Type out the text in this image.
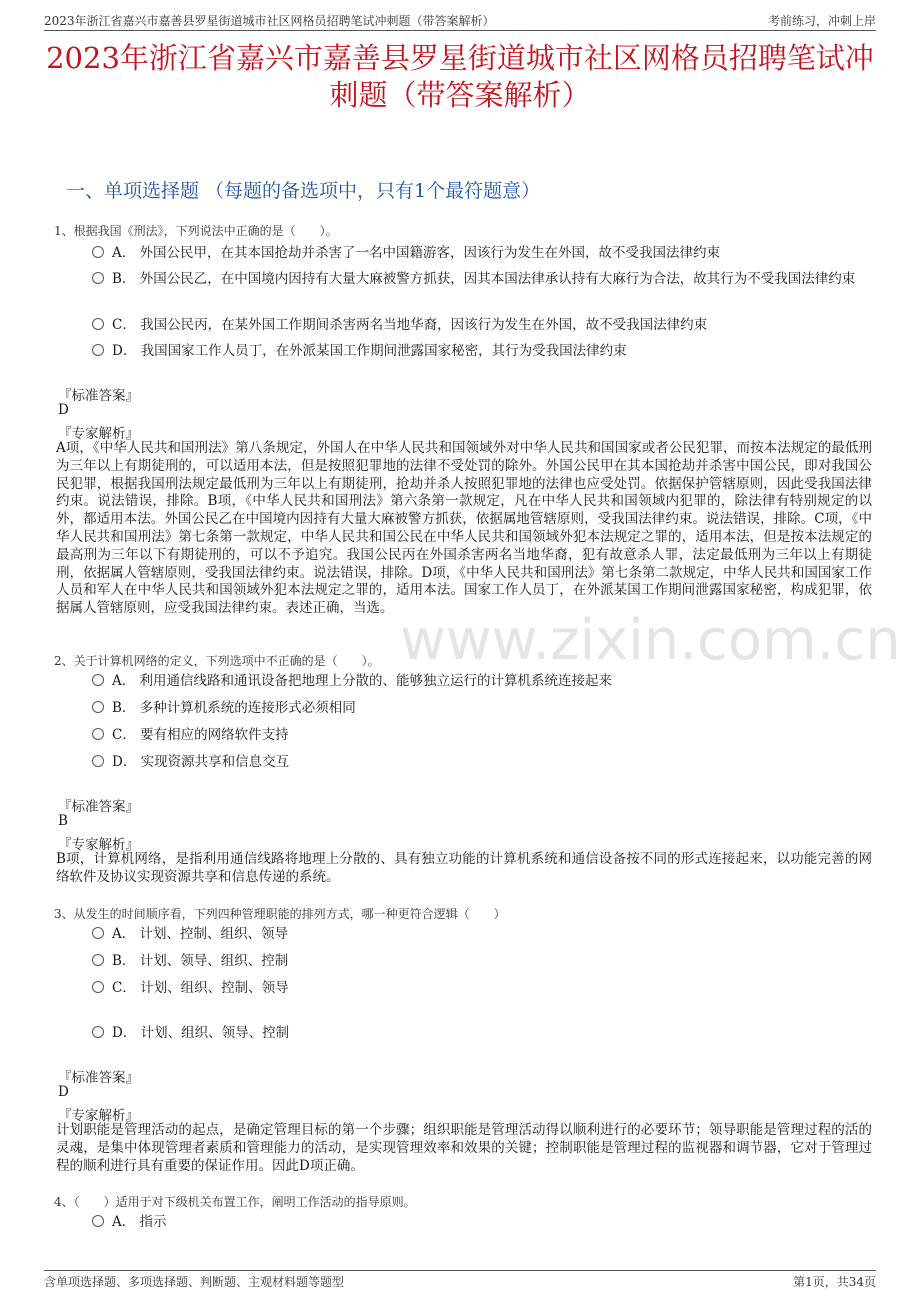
2023年浙江省嘉兴市嘉善县罗星街道城市社区网格员招聘笔试冲刺题（带答案解析）	考前练习，冲刺上岸
2023年浙江省嘉兴市嘉善县罗星街道城市社区网格员招聘笔试冲刺题（带答案解析）
一、单项选择题 （每题的备选项中，只有1个最符题意）
1、根据我国《刑法》，下列说法中正确的是（　　）。
A． 外国公民甲，在其本国抢劫并杀害了一名中国籍游客，因该行为发生在外国，故不受我国法律约束
B． 外国公民乙，在中国境内因持有大量大麻被警方抓获，因其本国法律承认持有大麻行为合法，故其行为不受我国法律约束
C． 我国公民丙，在某外国工作期间杀害两名当地华裔，因该行为发生在外国，故不受我国法律约束
D． 我国国家工作人员丁，在外派某国工作期间泄露国家秘密，其行为受我国法律约束
『标准答案』
D
『专家解析』
A项，《中华人民共和国刑法》第八条规定，外国人在中华人民共和国领域外对中华人民共和国国家或者公民犯罪，而按本法规定的最低刑为三年以上有期徒刑的，可以适用本法，但是按照犯罪地的法律不受处罚的除外。外国公民甲在其本国抢劫并杀害中国公民，即对我国公民犯罪，根据我国刑法规定最低刑为三年以上有期徒刑，抢劫并杀人按照犯罪地的法律也应受处罚。依据保护管辖原则，因此受我国法律约束。说法错误，排除。B项，《中华人民共和国刑法》第六条第一款规定，凡在中华人民共和国领域内犯罪的，除法律有特别规定的以外，都适用本法。外国公民乙在中国境内因持有大量大麻被警方抓获，依据属地管辖原则，受我国法律约束。说法错误，排除。C项，《中华人民共和国刑法》第七条第一款规定，中华人民共和国公民在中华人民共和国领域外犯本法规定之罪的，适用本法，但是按本法规定的最高刑为三年以下有期徒刑的，可以不予追究。我国公民丙在外国杀害两名当地华裔，犯有故意杀人罪，法定最低刑为三年以上有期徒刑，依据属人管辖原则，受我国法律约束。说法错误，排除。D项，《中华人民共和国刑法》第七条第二款规定，中华人民共和国国家工作人员和军人在中华人民共和国领域外犯本法规定之罪的，适用本法。国家工作人员丁，在外派某国工作期间泄露国家秘密，构成犯罪，依据属人管辖原则，应受我国法律约束。表述正确，当选。
2、关于计算机网络的定义，下列选项中不正确的是（　　）。
A． 利用通信线路和通讯设备把地理上分散的、能够独立运行的计算机系统连接起来
B． 多种计算机系统的连接形式必须相同
C． 要有相应的网络软件支持
D． 实现资源共享和信息交互
『标准答案』
B
『专家解析』
B项，计算机网络，是指利用通信线路将地理上分散的、具有独立功能的计算机系统和通信设备按不同的形式连接起来，以功能完善的网络软件及协议实现资源共享和信息传递的系统。
3、从发生的时间顺序看，下列四种管理职能的排列方式，哪一种更符合逻辑（　　）
A． 计划、控制、组织、领导
B． 计划、领导、组织、控制
C． 计划、组织、控制、领导
D． 计划、组织、领导、控制
『标准答案』
D
『专家解析』
计划职能是管理活动的起点，是确定管理目标的第一个步骤；组织职能是管理活动得以顺利进行的必要环节；领导职能是管理过程的活的灵魂，是集中体现管理者素质和管理能力的活动，是实现管理效率和效果的关键；控制职能是管理过程的监视器和调节器，它对于管理过程的顺利进行具有重要的保证作用。因此D项正确。
4、（　　）适用于对下级机关布置工作，阐明工作活动的指导原则。
A． 指示
www.zixin.com.cn
含单项选择题、多项选择题、判断题、主观材料题等题型	第1页，共34页
